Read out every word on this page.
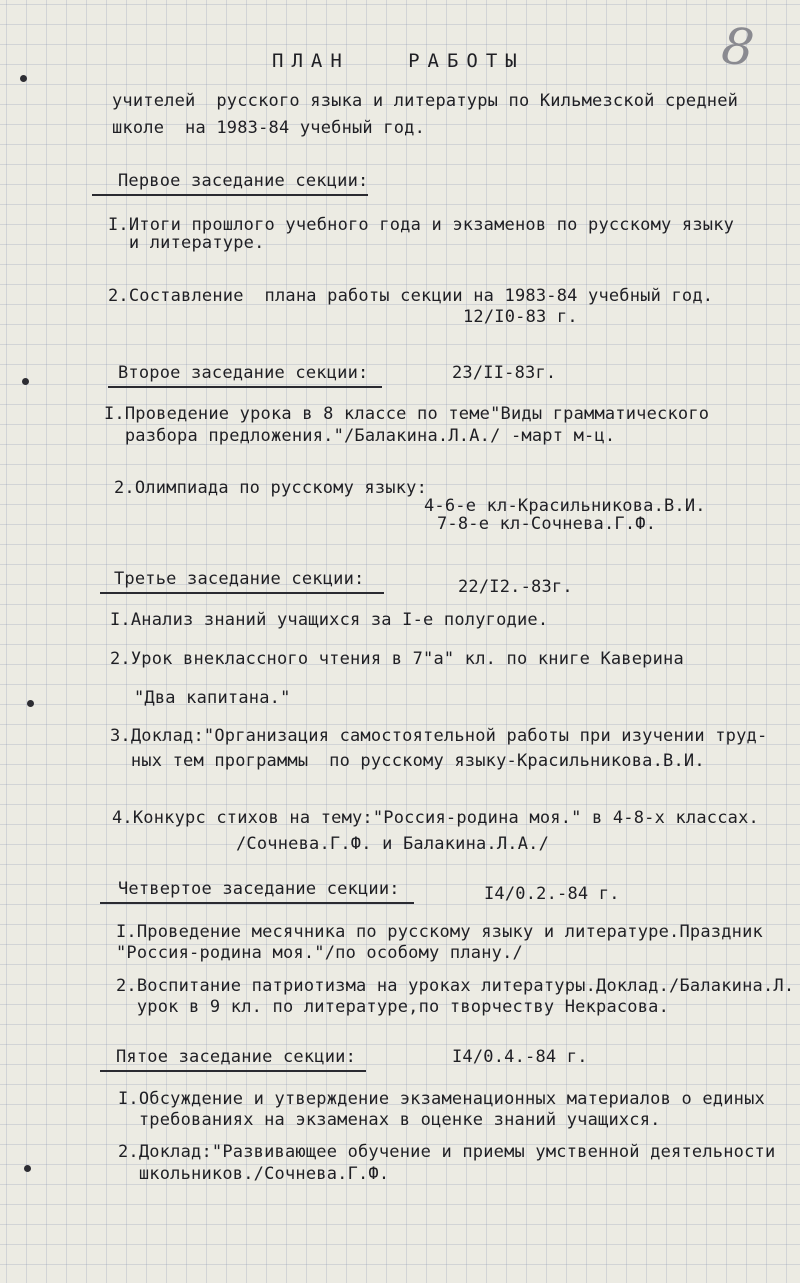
8
ПЛАН   РАБОТЫ
учителей  русского языка и литературы по Кильмезской средней
школе  на 1983-84 учебный год.
Первое заседание секции:
I.Итоги прошлого учебного года и экзаменов по русскому языку
и литературе.
2.Составление  плана работы секции на 1983-84 учебный год.
12/I0-83 г.
Второе заседание секции:	23/II-83г.
I.Проведение урока в 8 классе по теме"Виды грамматического
разбора предложения."/Балакина.Л.А./ -март м-ц.
2.Олимпиада по русскому языку:
4-6-е кл-Красильникова.В.И.
7-8-е кл-Сочнева.Г.Ф.
Третье заседание секции:	22/I2.-83г.
I.Анализ знаний учащихся за I-е полугодие.
2.Урок внеклассного чтения в 7"а" кл. по книге Каверина
"Два капитана."
3.Доклад:"Организация самостоятельной работы при изучении труд-
ных тем программы  по русскому языку-Красильникова.В.И.
4.Конкурс стихов на тему:"Россия-родина моя." в 4-8-х классах.
/Сочнева.Г.Ф. и Балакина.Л.А./
Четвертое заседание секции:	I4/0.2.-84 г.
I.Проведение месячника по русскому языку и литературе.Праздник
"Россия-родина моя."/по особому плану./
2.Воспитание патриотизма на уроках литературы.Доклад./Балакина.Л.
урок в 9 кл. по литературе,по творчеству Некрасова.
Пятое заседание секции:	I4/0.4.-84 г.
I.Обсуждение и утверждение экзаменационных материалов о единых
требованиях на экзаменах в оценке знаний учащихся.
2.Доклад:"Развивающее обучение и приемы умственной деятельности
школьников./Сочнева.Г.Ф.
